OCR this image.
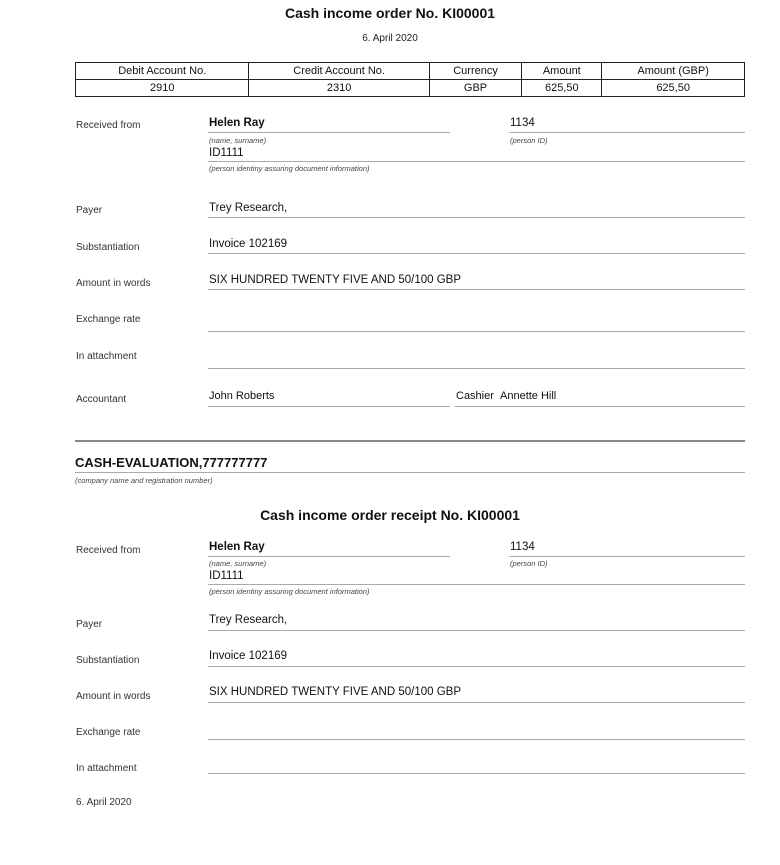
Cash income order No. KI00001
6. April 2020
Debit Account No.	Credit Account No.	Currency	Amount	Amount (GBP)
2910	2310	GBP	625,50	625,50
Received from	Helen Ray
(name, surname)
1134
(person ID)
ID1111
(person identiny assuring document information)
Payer	Trey Research,
Substantiation	Invoice 102169
Amount in words	SIX HUNDRED TWENTY FIVE AND 50/100 GBP
Exchange rate
In attachment
Accountant	John Roberts	Cashier Annette Hill
CASH-EVALUATION,777777777
(company name and registration number)
Cash income order receipt No. KI00001
Received from	Helen Ray
(name, surname)
1134
(person ID)
ID1111
(person identiny assuring document information)
Payer	Trey Research,
Substantiation	Invoice 102169
Amount in words	SIX HUNDRED TWENTY FIVE AND 50/100 GBP
Exchange rate
In attachment
6. April 2020
